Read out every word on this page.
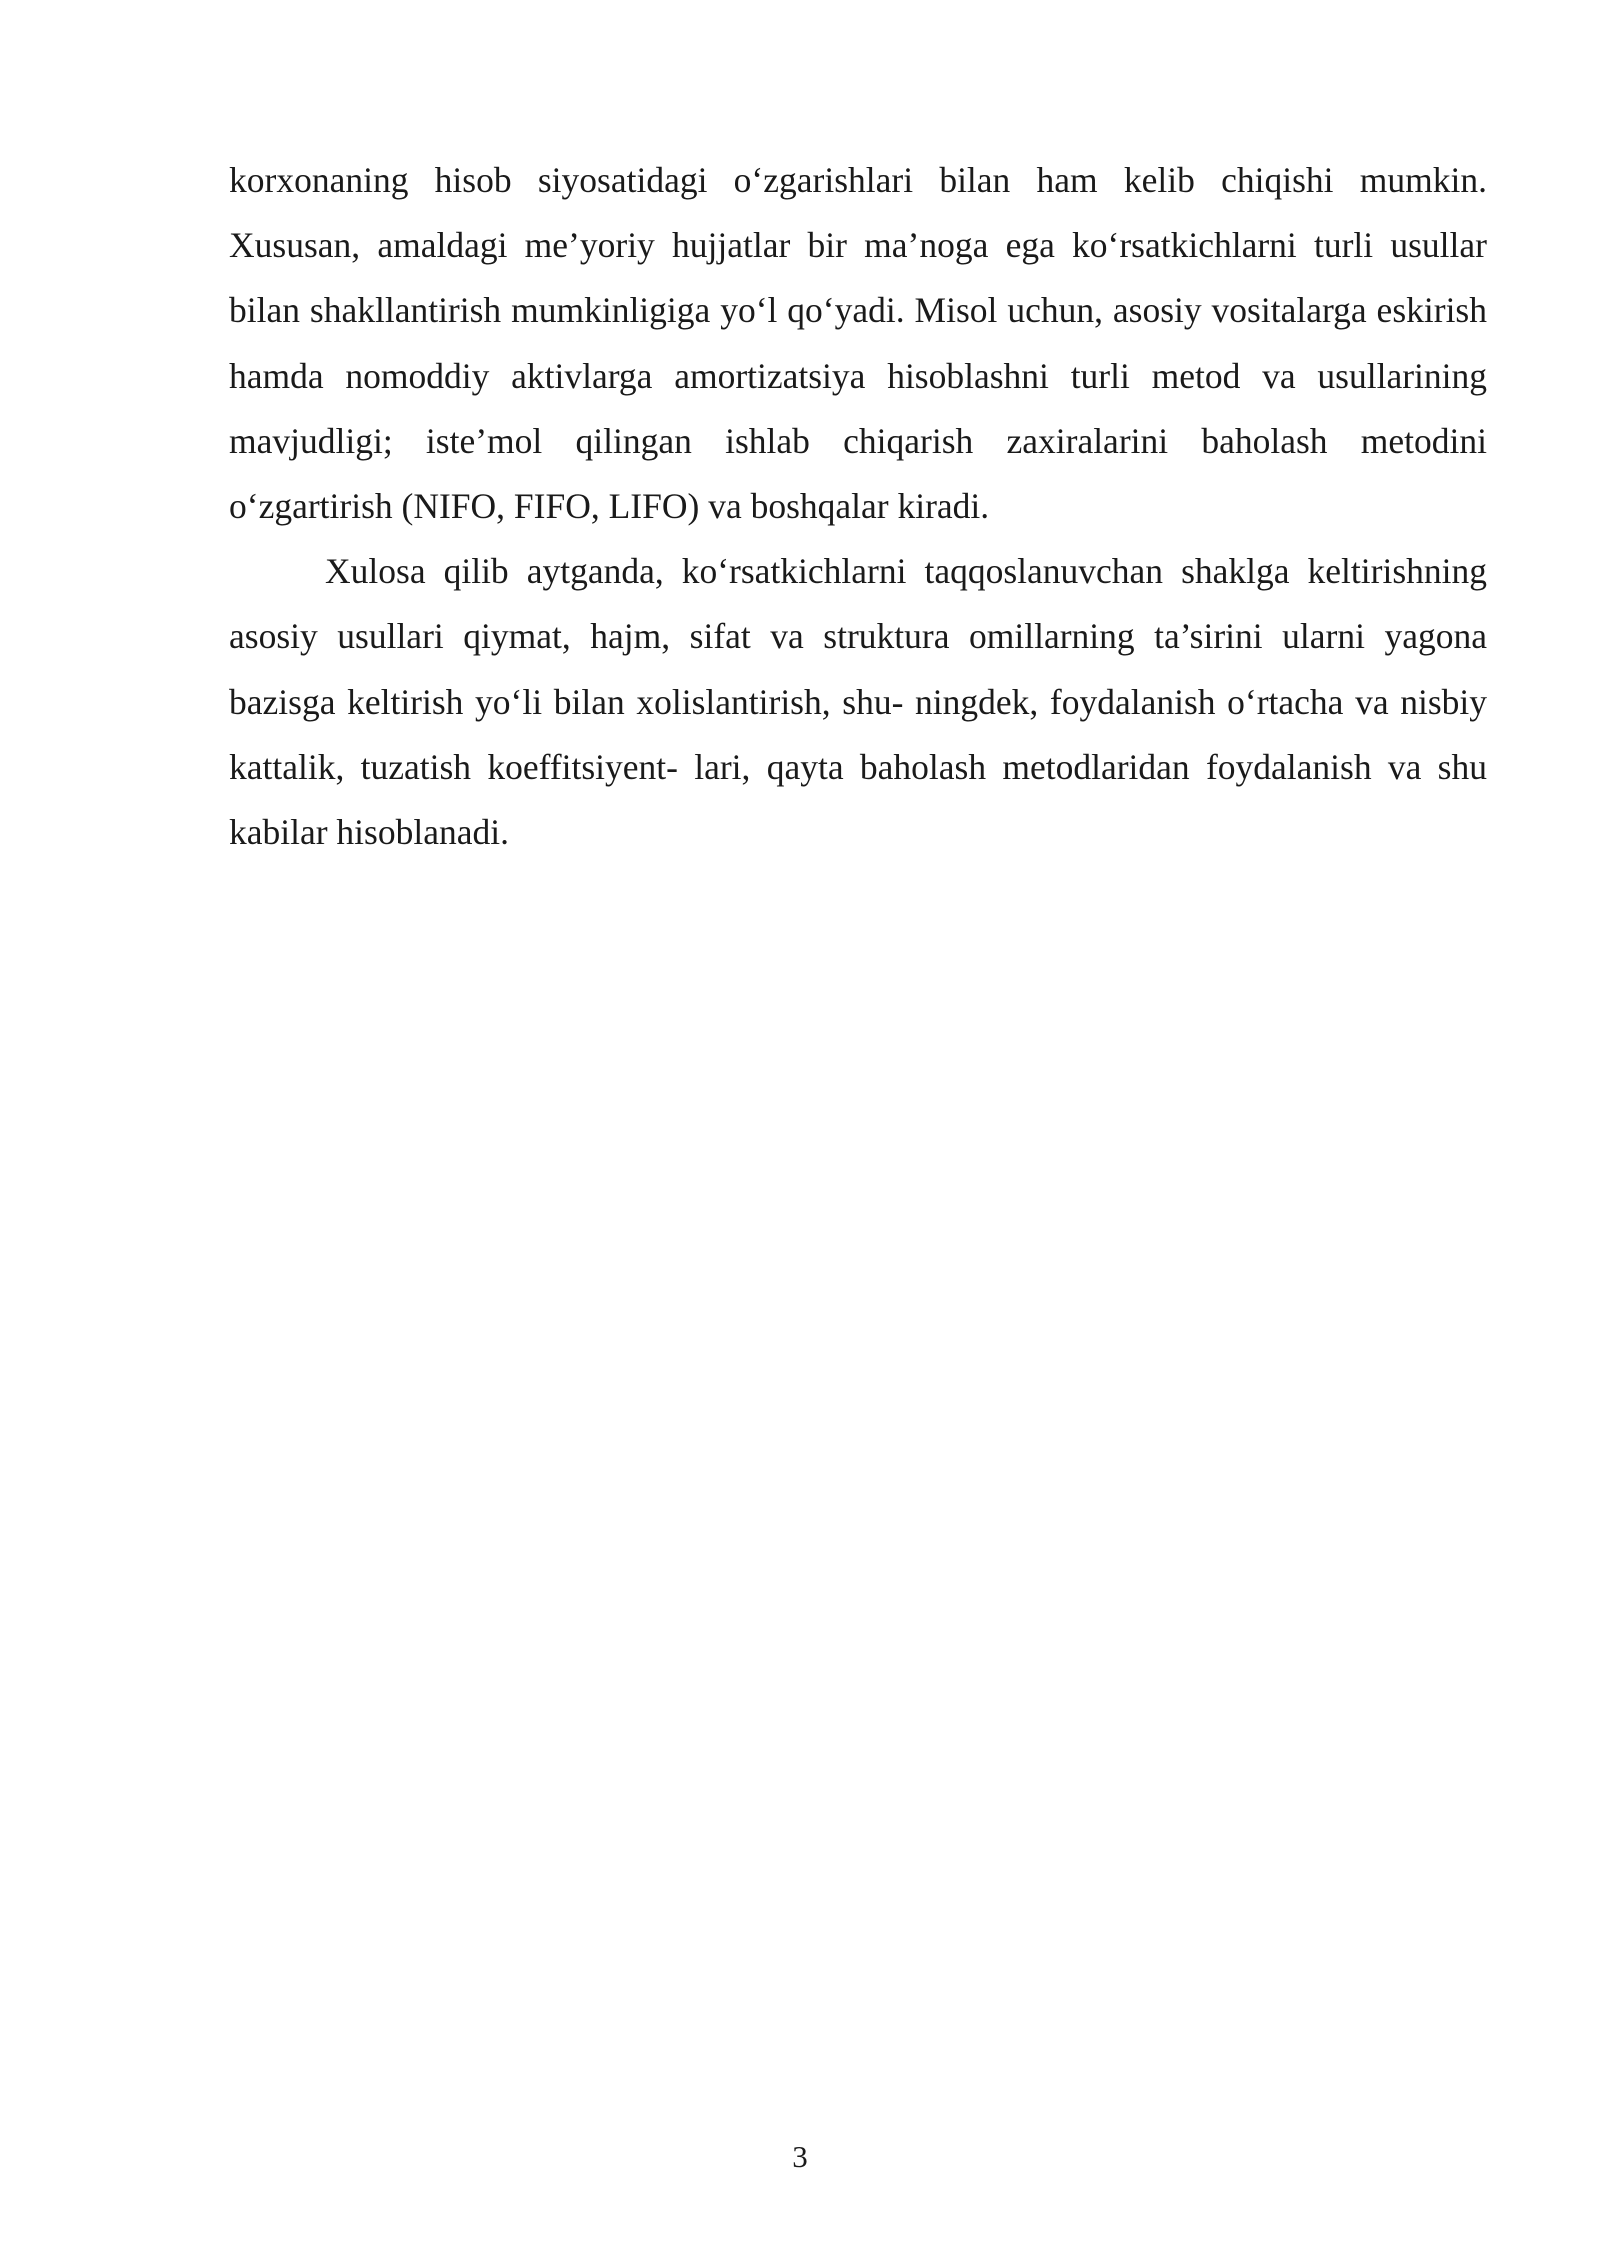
korxonaning hisob siyosatidagi o‘zgarishlari bilan ham kelib chiqishi mumkin. Xususan, amaldagi me’yoriy hujjatlar bir ma’noga ega ko‘rsatkichlarni turli usullar bilan shakllantirish mumkinligiga yo‘l qo‘yadi. Misol uchun, asosiy vositalarga eskirish hamda nomoddiy aktivlarga amortizatsiya hisoblashni turli metod va usullarining mavjudligi; iste’mol qilingan ishlab chiqarish zaxiralarini baholash metodini o‘zgartirish (NIFO, FIFO, LIFO) va boshqalar kiradi.

Xulosa qilib aytganda, ko‘rsatkichlarni taqqoslanuvchan shaklga keltirishning asosiy usullari qiymat, hajm, sifat va struktura omillarning ta’sirini ularni yagona bazisga keltirish yo‘li bilan xolislantirish, shu- ningdek, foydalanish o‘rtacha va nisbiy kattalik, tuzatish koeffitsiyent- lari, qayta baholash metodlaridan foydalanish va shu kabilar hisoblanadi.

3
